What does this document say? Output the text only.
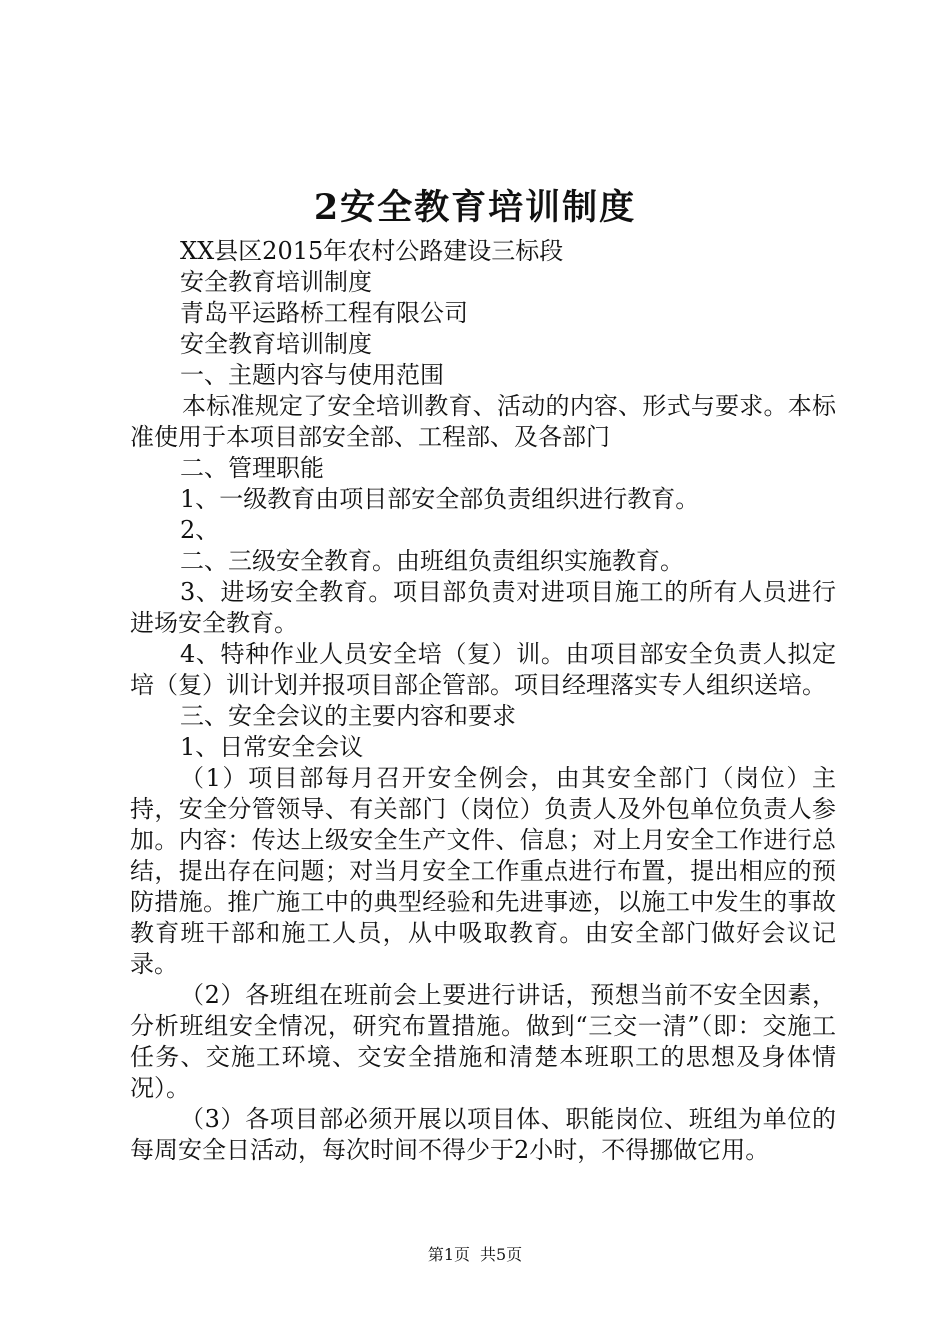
2安全教育培训制度

XX县区2015年农村公路建设三标段

安全教育培训制度

青岛平运路桥工程有限公司

安全教育培训制度

一、主题内容与使用范围

本标准规定了安全培训教育、活动的内容、形式与要求。本标准使用于本项目部安全部、工程部、及各部门

二、管理职能

1、一级教育由项目部安全部负责组织进行教育。

2、

二、三级安全教育。由班组负责组织实施教育。

3、进场安全教育。项目部负责对进项目施工的所有人员进行进场安全教育。

4、特种作业人员安全培（复）训。由项目部安全负责人拟定培（复）训计划并报项目部企管部。项目经理落实专人组织送培。

三、安全会议的主要内容和要求

1、日常安全会议

（1）项目部每月召开安全例会，由其安全部门（岗位）主持，安全分管领导、有关部门（岗位）负责人及外包单位负责人参加。内容：传达上级安全生产文件、信息；对上月安全工作进行总结，提出存在问题；对当月安全工作重点进行布置，提出相应的预防措施。推广施工中的典型经验和先进事迹，以施工中发生的事故教育班干部和施工人员，从中吸取教育。由安全部门做好会议记录。

（2）各班组在班前会上要进行讲话，预想当前不安全因素，分析班组安全情况，研究布置措施。做到“三交一清”（即：交施工任务、交施工环境、交安全措施和清楚本班职工的思想及身体情况）。

（3）各项目部必须开展以项目体、职能岗位、班组为单位的每周安全日活动，每次时间不得少于2小时，不得挪做它用。

第1页 共5页
